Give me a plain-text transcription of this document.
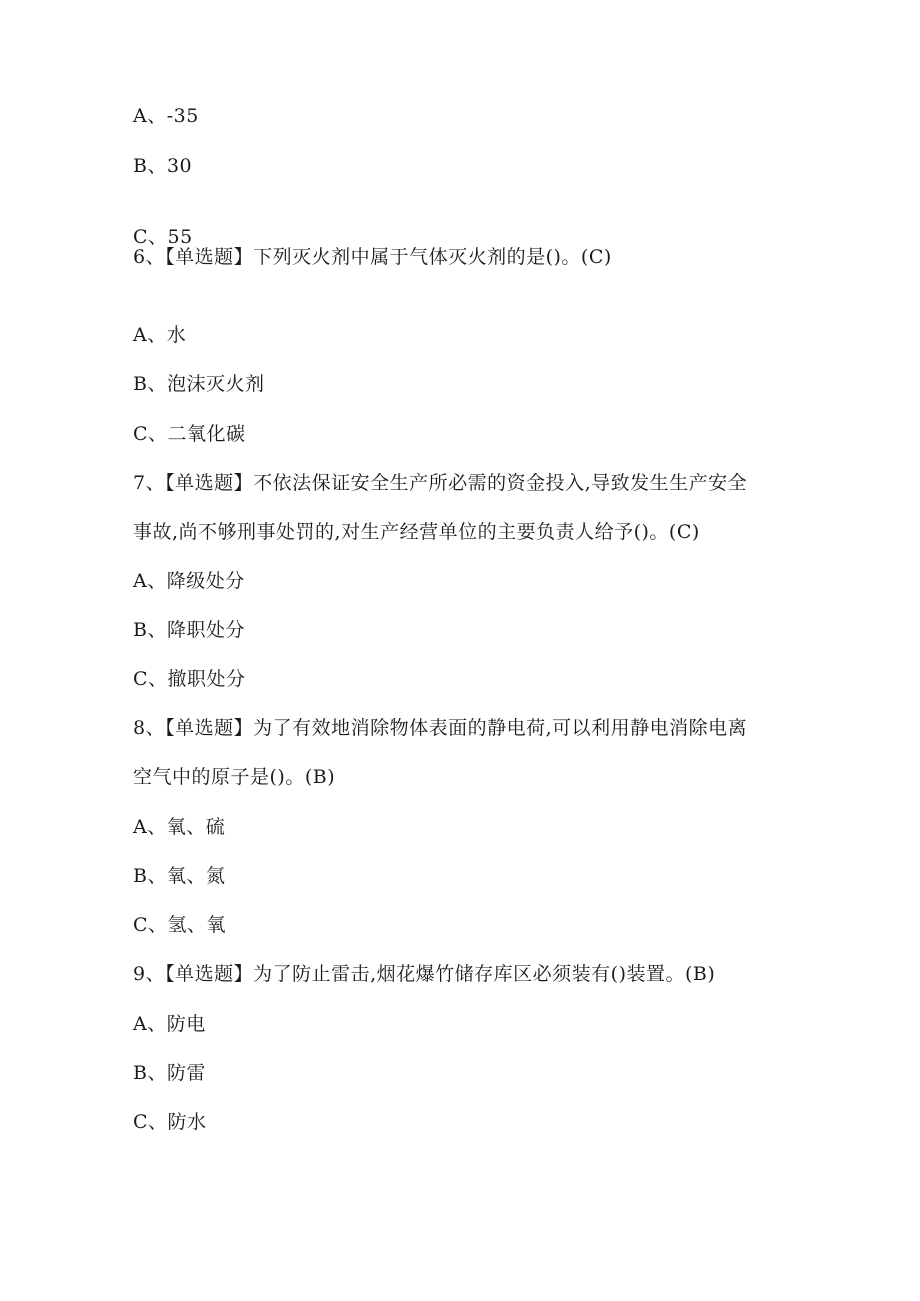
A、-35
B、30
C、55
6、【单选题】下列灭火剂中属于气体灭火剂的是()。(C)
A、水
B、泡沫灭火剂
C、二氧化碳
7、【单选题】不依法保证安全生产所必需的资金投入,导致发生生产安全
事故,尚不够刑事处罚的,对生产经营单位的主要负责人给予()。(C)
A、降级处分
B、降职处分
C、撤职处分
8、【单选题】为了有效地消除物体表面的静电荷,可以利用静电消除电离
空气中的原子是()。(B)
A、氧、硫
B、氧、氮
C、氢、氧
9、【单选题】为了防止雷击,烟花爆竹储存库区必须装有()装置。(B)
A、防电
B、防雷
C、防水
